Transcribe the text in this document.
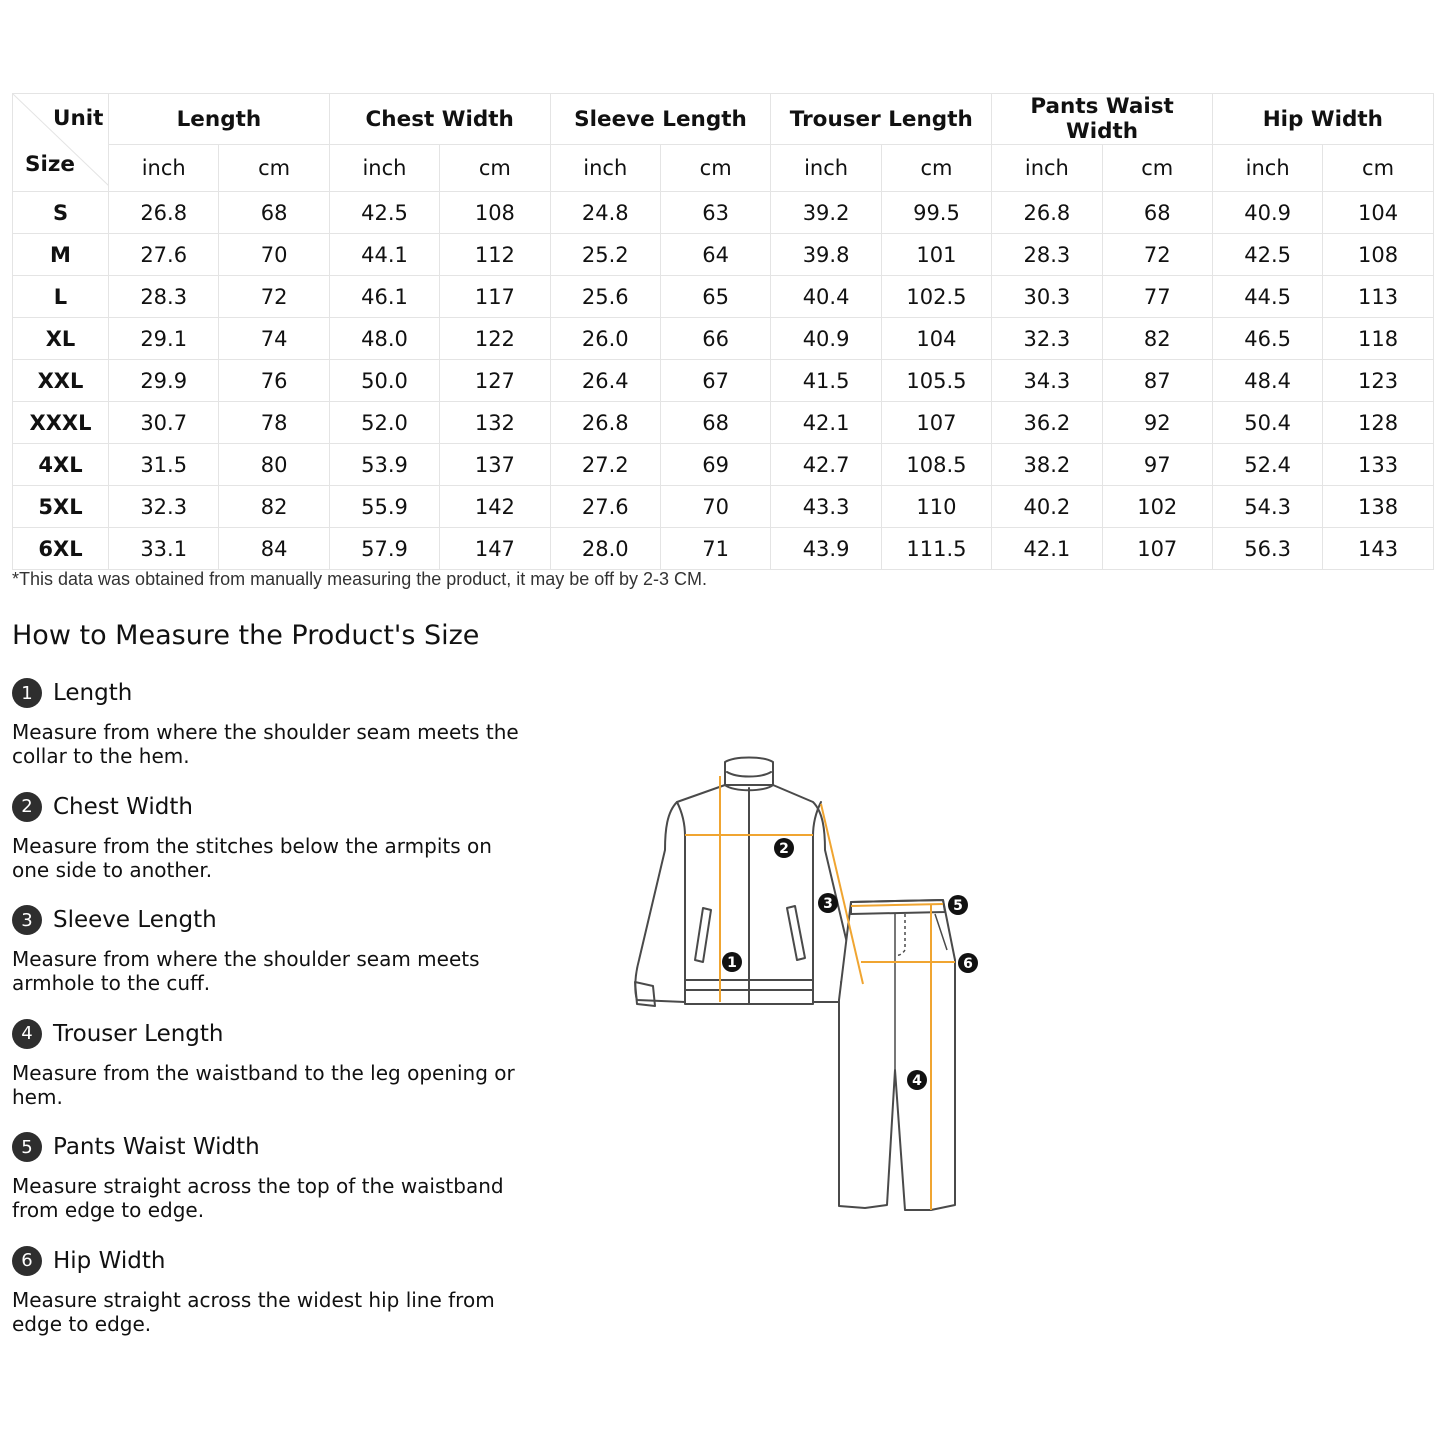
Unit
Size	Length		Chest Width		Sleeve Length		Trouser Length		Pants Waist Width		Hip Width	
	inch	cm	inch	cm	inch	cm	inch	cm	inch	cm	inch	cm
S	26.8	68	42.5	108	24.8	63	39.2	99.5	26.8	68	40.9	104
M	27.6	70	44.1	112	25.2	64	39.8	101	28.3	72	42.5	108
L	28.3	72	46.1	117	25.6	65	40.4	102.5	30.3	77	44.5	113
XL	29.1	74	48.0	122	26.0	66	40.9	104	32.3	82	46.5	118
XXL	29.9	76	50.0	127	26.4	67	41.5	105.5	34.3	87	48.4	123
XXXL	30.7	78	52.0	132	26.8	68	42.1	107	36.2	92	50.4	128
4XL	31.5	80	53.9	137	27.2	69	42.7	108.5	38.2	97	52.4	133
5XL	32.3	82	55.9	142	27.6	70	43.3	110	40.2	102	54.3	138
6XL	33.1	84	57.9	147	28.0	71	43.9	111.5	42.1	107	56.3	143
*This data was obtained from manually measuring the product, it may be off by 2-3 CM.
How to Measure the Product's Size
1 Length
Measure from where the shoulder seam meets the collar to the hem.
2 Chest Width
Measure from the stitches below the armpits on one side to another.
3 Sleeve Length
Measure from where the shoulder seam meets armhole to the cuff.
4 Trouser Length
Measure from the waistband to the leg opening or hem.
5 Pants Waist Width
Measure straight across the top of the waistband from edge to edge.
6 Hip Width
Measure straight across the widest hip line from edge to edge.
1
2
3
4
5
6
